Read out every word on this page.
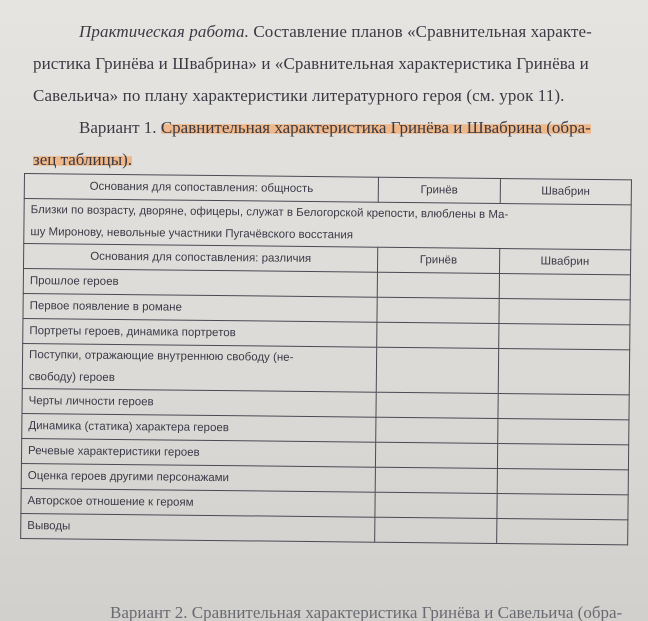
Практическая работа. Составление планов «Сравнительная характе-
ристика Гринёва и Швабрина» и «Сравнительная характеристика Гринёва и
Савельича» по плану характеристики литературного героя (см. урок 11).
Вариант 1. Сравнительная характеристика Гринёва и Швабрина (обра-
зец таблицы).
Основания для сопоставления: общность	Гринёв	Швабрин
Близки по возрасту, дворяне, офицеры, служат в Белогорской крепости, влюблены в Ма-
шу Миронову, невольные участники Пугачёвского восстания		
Основания для сопоставления: различия	Гринёв	Швабрин
Прошлое героев		
Первое появление в романе		
Портреты героев, динамика портретов		
Поступки, отражающие внутреннюю свободу (не-
свободу) героев		
Черты личности героев		
Динамика (статика) характера героев		
Речевые характеристики героев		
Оценка героев другими персонажами		
Авторское отношение к героям		
Выводы		
Вариант 2. Сравнительная характеристика Гринёва и Савельича (обра-
